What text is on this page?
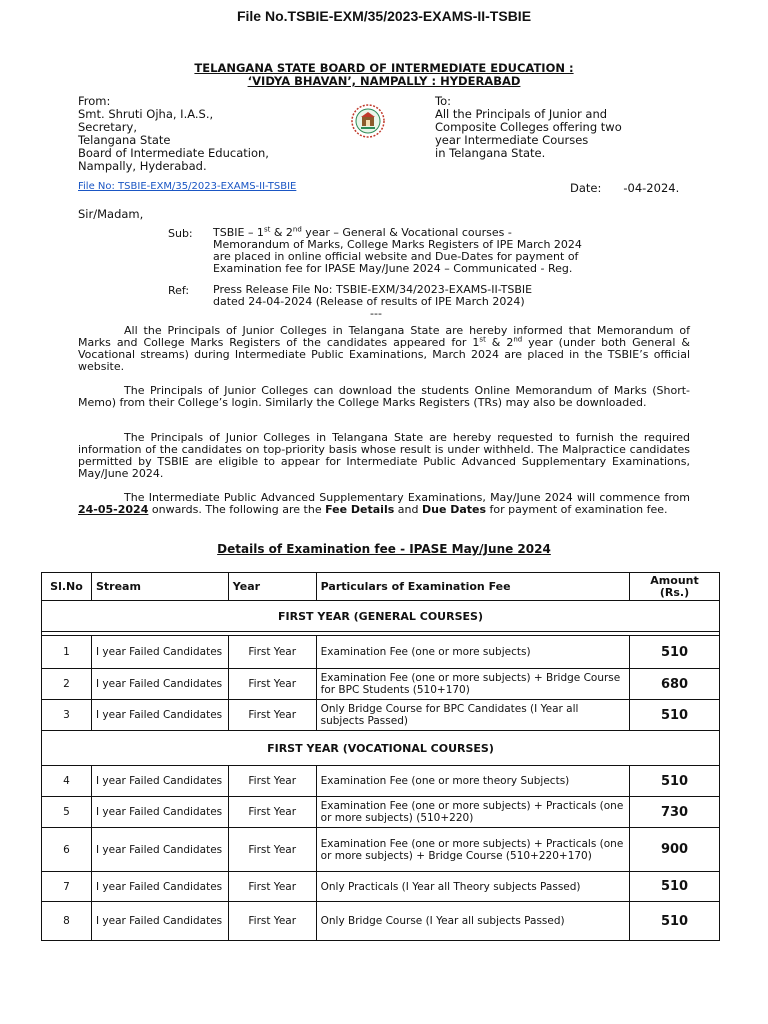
File No.TSBIE-EXM/35/2023-EXAMS-II-TSBIE
TELANGANA STATE BOARD OF INTERMEDIATE EDUCATION :
‘VIDYA BHAVAN’, NAMPALLY : HYDERABAD
From:
Smt. Shruti Ojha, I.A.S.,
Secretary,
Telangana State
Board of Intermediate Education,
Nampally, Hyderabad.
To:
All the Principals of Junior and
Composite Colleges offering two
year Intermediate Courses
in Telangana State.
File No: TSBIE-EXM/35/2023-EXAMS-II-TSBIE	Date: -04-2024.
Sir/Madam,
Sub: TSBIE – 1st & 2nd year – General & Vocational courses -
Memorandum of Marks, College Marks Registers of IPE March 2024
are placed in online official website and Due-Dates for payment of
Examination fee for IPASE May/June 2024 – Communicated - Reg.
Ref: Press Release File No: TSBIE-EXM/34/2023-EXAMS-II-TSBIE
dated 24-04-2024 (Release of results of IPE March 2024)
---

All the Principals of Junior Colleges in Telangana State are hereby informed that Memorandum of Marks and College Marks Registers of the candidates appeared for 1st & 2nd year (under both General & Vocational streams) during Intermediate Public Examinations, March 2024 are placed in the TSBIE’s official website.

The Principals of Junior Colleges can download the students Online Memorandum of Marks (Short-Memo) from their College’s login. Similarly the College Marks Registers (TRs) may also be downloaded.

The Principals of Junior Colleges in Telangana State are hereby requested to furnish the required information of the candidates on top-priority basis whose result is under withheld. The Malpractice candidates permitted by TSBIE are eligible to appear for Intermediate Public Advanced Supplementary Examinations, May/June 2024.

The Intermediate Public Advanced Supplementary Examinations, May/June 2024 will commence from 24-05-2024 onwards. The following are the Fee Details and Due Dates for payment of examination fee.

Details of Examination fee - IPASE May/June 2024
Sl.No	Stream	Year	Particulars of Examination Fee	Amount (Rs.)
FIRST YEAR (GENERAL COURSES)				

1	I year Failed Candidates	First Year	Examination Fee (one or more subjects)	510
2	I year Failed Candidates	First Year	Examination Fee (one or more subjects) + Bridge Course for BPC Students (510+170)	680
3	I year Failed Candidates	First Year	Only Bridge Course for BPC Candidates (I Year all subjects Passed)	510
FIRST YEAR (VOCATIONAL COURSES)				
4	I year Failed Candidates	First Year	Examination Fee (one or more theory Subjects)	510
5	I year Failed Candidates	First Year	Examination Fee (one or more subjects) + Practicals (one or more subjects) (510+220)	730
6	I year Failed Candidates	First Year	Examination Fee (one or more subjects) + Practicals (one or more subjects) + Bridge Course (510+220+170)	900
7	I year Failed Candidates	First Year	Only Practicals (I Year all Theory subjects Passed)	510
8	I year Failed Candidates	First Year	Only Bridge Course (I Year all subjects Passed)	510
